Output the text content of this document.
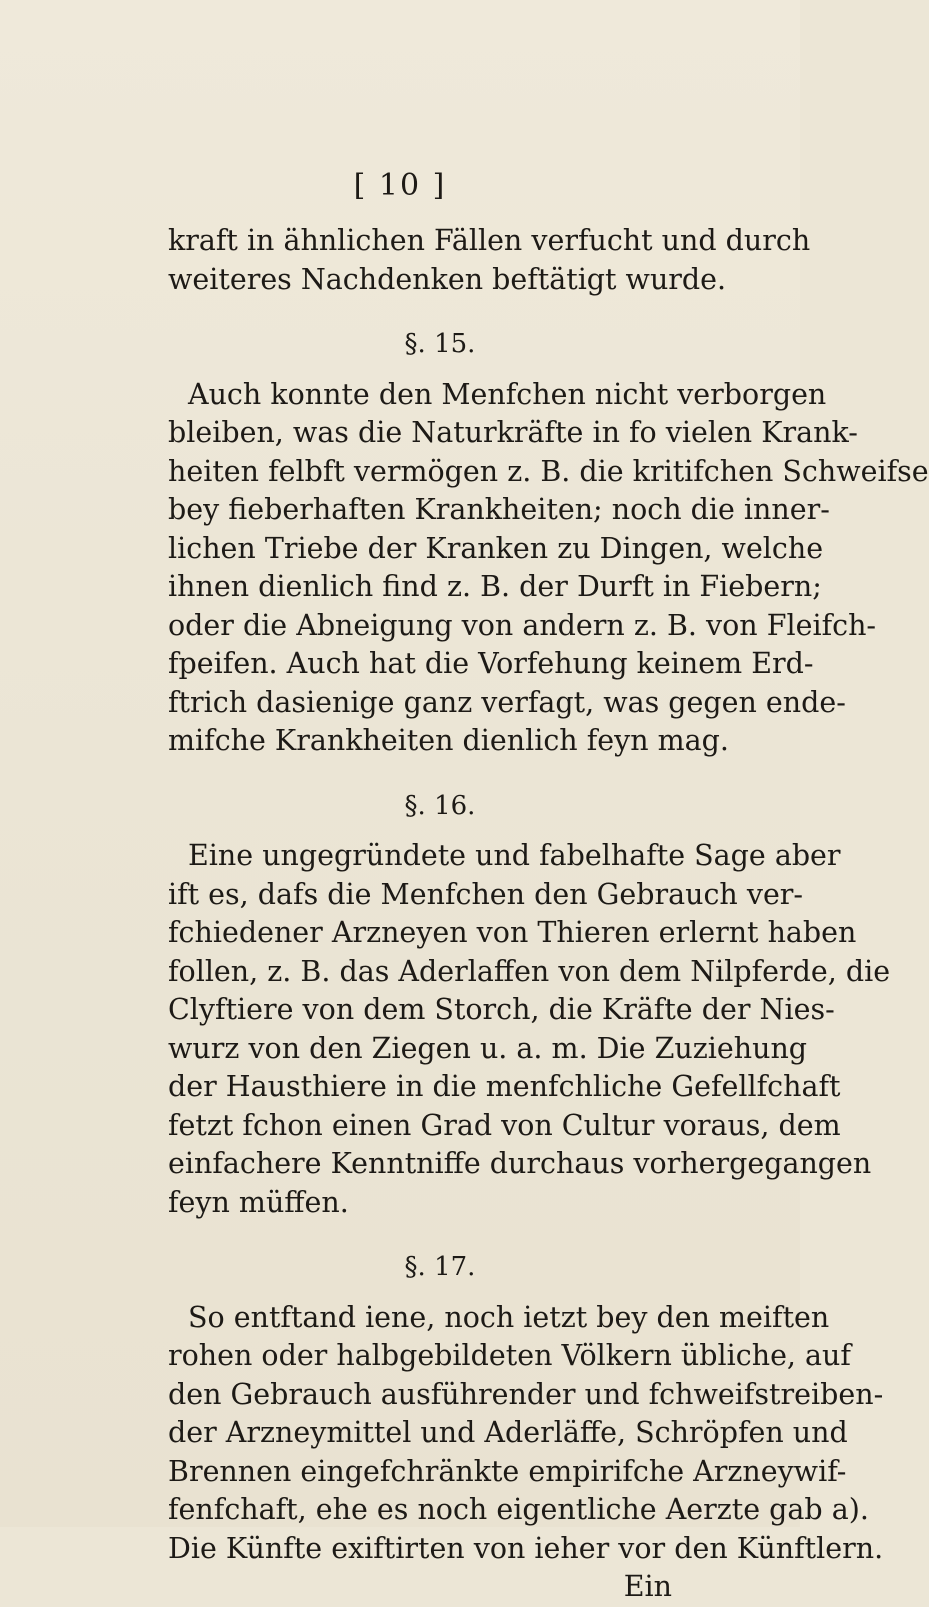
[ 10 ]
kraft in ähnlichen Fällen verfucht und durch
weiteres Nachdenken beftätigt wurde.
§. 15.
Auch konnte den Menfchen nicht verborgen
bleiben, was die Naturkräfte in fo vielen Krank-
heiten felbft vermögen z. B. die kritifchen Schweifse
bey fieberhaften Krankheiten; noch die inner-
lichen Triebe der Kranken zu Dingen, welche
ihnen dienlich find z. B. der Durft in Fiebern;
oder die Abneigung von andern z. B. von Fleifch-
fpeifen. Auch hat die Vorfehung keinem Erd-
ftrich dasienige ganz verfagt, was gegen ende-
mifche Krankheiten dienlich feyn mag.
§. 16.
Eine ungegründete und fabelhafte Sage aber
ift es, dafs die Menfchen den Gebrauch ver-
fchiedener Arzneyen von Thieren erlernt haben
follen, z. B. das Aderlaffen von dem Nilpferde, die
Clyftiere von dem Storch, die Kräfte der Nies-
wurz von den Ziegen u. a. m. Die Zuziehung
der Hausthiere in die menfchliche Gefellfchaft
fetzt fchon einen Grad von Cultur voraus, dem
einfachere Kenntniffe durchaus vorhergegangen
feyn müffen.
§. 17.
So entftand iene, noch ietzt bey den meiften
rohen oder halbgebildeten Völkern übliche, auf
den Gebrauch ausführender und fchweifstreiben-
der Arzneymittel und Aderläffe, Schröpfen und
Brennen eingefchränkte empirifche Arzneywif-
fenfchaft, ehe es noch eigentliche Aerzte gab a).
Die Künfte exiftirten von ieher vor den Künftlern.
Ein
